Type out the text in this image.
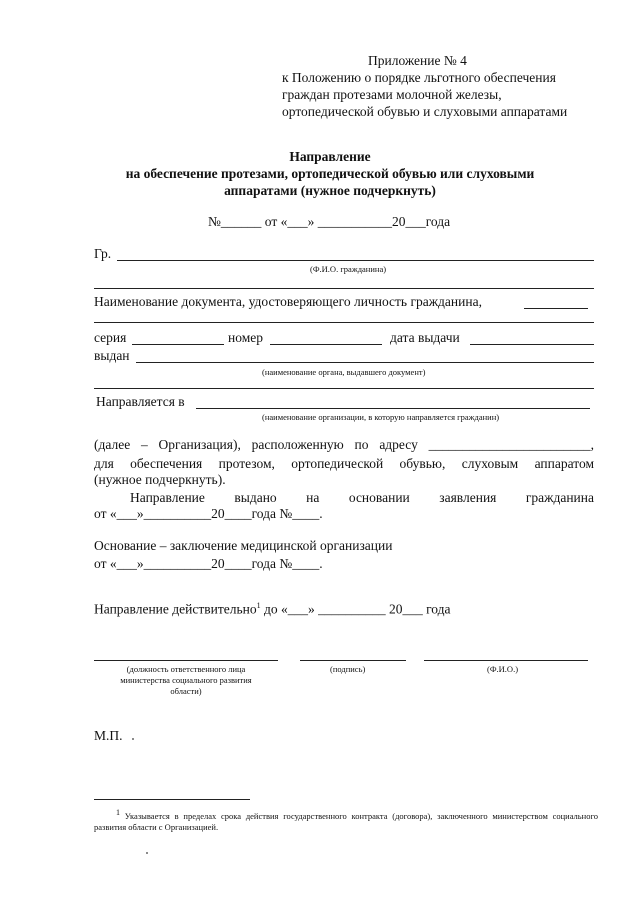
Приложение № 4
к Положению о порядке льготного обеспечения
граждан протезами молочной железы,
ортопедической обувью и слуховыми аппаратами
Направление
на обеспечение протезами, ортопедической обувью или слуховыми
аппаратами (нужное подчеркнуть)
№______ от «___» ___________20___года
Гр.
(Ф.И.О. гражданина)
Наименование документа, удостоверяющего личность гражданина,
серия	номер	дата выдачи
выдан
(наименование органа, выдавшего документ)
Направляется в
(наименование организации, в которую направляется гражданин)
(далее – Организация), расположенную по адресу ________________________,
для обеспечения протезом, ортопедической обувью, слуховым аппаратом
(нужное подчеркнуть).
Направление выдано на основании заявления гражданина
от «___»__________20____года №____.
Основание – заключение медицинской организации
от «___»__________20____года №____.
Направление действительно$^1$ до «___» __________ 20___ года
(должность ответственного лица
министерства социального развития
области)
(подпись)	(Ф.И.О.)
М.П.
1 Указывается в пределах срока действия государственного контракта (договора), заключенного министерством социального развития области с Организацией.
